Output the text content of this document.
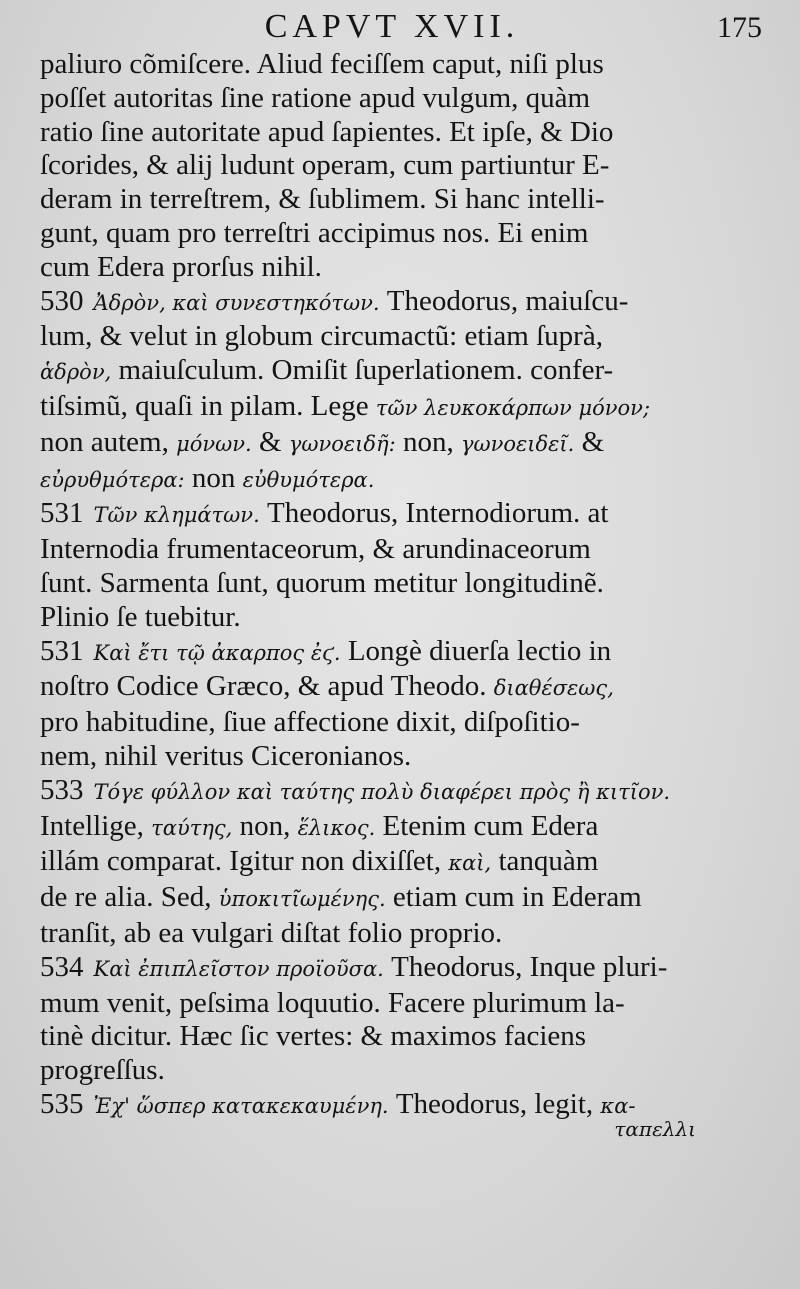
CAPVT XVII.	175
paliuro cõmiſcere. Aliud feciſſem caput, niſi plus
poſſet autoritas ſine ratione apud vulgum, quàm
ratio ſine autoritate apud ſapientes. Et ipſe, & Dio
ſcorides, & alij ludunt operam, cum partiuntur E-
deram in terreſtrem, & ſublimem. Si hanc intelli-
gunt, quam pro terreſtri accipimus nos. Ei enim
cum Edera prorſus nihil.
530 Ἀδρὸν, καὶ συνεστηκότων. Theodorus, maiuſcu-
lum, & velut in globum circumactũ: etiam ſuprà,
ἁδρὸν, maiuſculum. Omiſit ſuperlationem. confer-
tiſsimũ, quaſi in pilam. Lege τῶν λευκοκάρπων μόνον;
non autem, μόνων. & γωνοειδῆ: non, γωνοειδεῖ. &
εὐρυθμότερα: non εὐθυμότερα.
531 Τῶν κλημάτων. Theodorus, Internodiorum. at
Internodia frumentaceorum, & arundinaceorum
ſunt. Sarmenta ſunt, quorum metitur longitudinẽ.
Plinio ſe tuebitur.
531 Καὶ ἔτι τῷ ἀκαρπος ἐϛ. Longè diuerſa lectio in
noſtro Codice Græco, & apud Theodo. διαθέσεως,
pro habitudine, ſiue affectione dixit, diſpoſitio-
nem, nihil veritus Ciceronianos.
533 Τόγε φύλλον καὶ ταύτης πολὺ διαφέρει πρὸς ἢ κιτῖον.
Intellige, ταύτης, non, ἕλικος. Etenim cum Edera
illám comparat. Igitur non dixiſſet, καὶ, tanquàm
de re alia. Sed, ὑποκιτῖωμένης. etiam cum in Ederam
tranſit, ab ea vulgari diſtat folio proprio.
534 Καὶ ἐπιπλεῖστον προϊοῦσα. Theodorus, Inque pluri-
mum venit, peſsima loquutio. Facere plurimum la-
tinè dicitur. Hæc ſic vertes: & maximos faciens
progreſſus.
535 Ἐχ' ὥσπερ κατακεκαυμένη. Theodorus, legit, κα-
ταπελλι
